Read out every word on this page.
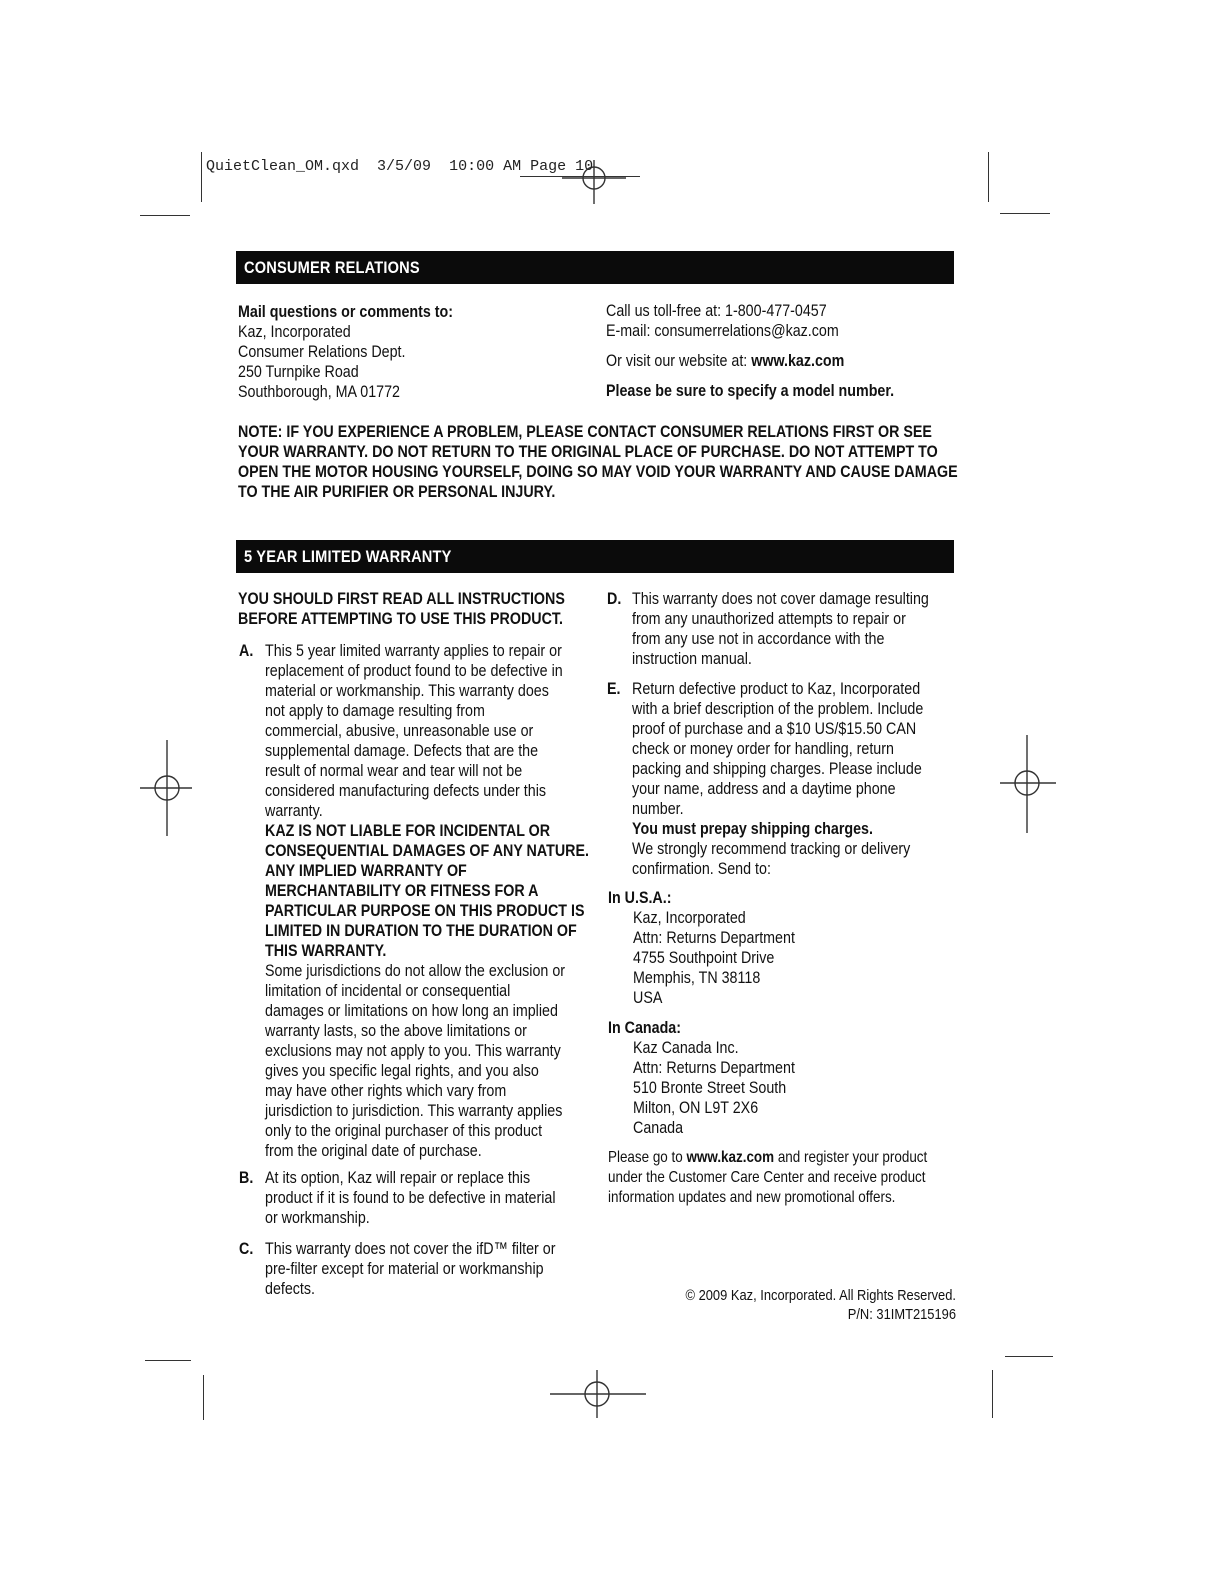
QuietClean_OM.qxd 3/5/09 10:00 AM Page 10
CONSUMER RELATIONS
Mail questions or comments to:
Kaz, Incorporated
Consumer Relations Dept.
250 Turnpike Road
Southborough, MA 01772
Call us toll-free at: 1-800-477-0457
E-mail: consumerrelations@kaz.com
Or visit our website at: www.kaz.com
Please be sure to specify a model number.
NOTE: IF YOU EXPERIENCE A PROBLEM, PLEASE CONTACT CONSUMER RELATIONS FIRST OR SEE
YOUR WARRANTY. DO NOT RETURN TO THE ORIGINAL PLACE OF PURCHASE. DO NOT ATTEMPT TO
OPEN THE MOTOR HOUSING YOURSELF, DOING SO MAY VOID YOUR WARRANTY AND CAUSE DAMAGE
TO THE AIR PURIFIER OR PERSONAL INJURY.
5 YEAR LIMITED WARRANTY
YOU SHOULD FIRST READ ALL INSTRUCTIONS
BEFORE ATTEMPTING TO USE THIS PRODUCT.
A. This 5 year limited warranty applies to repair or
replacement of product found to be defective in
material or workmanship. This warranty does
not apply to damage resulting from
commercial, abusive, unreasonable use or
supplemental damage. Defects that are the
result of normal wear and tear will not be
considered manufacturing defects under this
warranty.
KAZ IS NOT LIABLE FOR INCIDENTAL OR
CONSEQUENTIAL DAMAGES OF ANY NATURE.
ANY IMPLIED WARRANTY OF
MERCHANTABILITY OR FITNESS FOR A
PARTICULAR PURPOSE ON THIS PRODUCT IS
LIMITED IN DURATION TO THE DURATION OF
THIS WARRANTY.
Some jurisdictions do not allow the exclusion or
limitation of incidental or consequential
damages or limitations on how long an implied
warranty lasts, so the above limitations or
exclusions may not apply to you. This warranty
gives you specific legal rights, and you also
may have other rights which vary from
jurisdiction to jurisdiction. This warranty applies
only to the original purchaser of this product
from the original date of purchase.
B. At its option, Kaz will repair or replace this
product if it is found to be defective in material
or workmanship.
C. This warranty does not cover the ifD™ filter or
pre-filter except for material or workmanship
defects.
D. This warranty does not cover damage resulting
from any unauthorized attempts to repair or
from any use not in accordance with the
instruction manual.
E. Return defective product to Kaz, Incorporated
with a brief description of the problem. Include
proof of purchase and a $10 US/$15.50 CAN
check or money order for handling, return
packing and shipping charges. Please include
your name, address and a daytime phone
number.
You must prepay shipping charges.
We strongly recommend tracking or delivery
confirmation. Send to:
In U.S.A.:
Kaz, Incorporated
Attn: Returns Department
4755 Southpoint Drive
Memphis, TN 38118
USA
In Canada:
Kaz Canada Inc.
Attn: Returns Department
510 Bronte Street South
Milton, ON L9T 2X6
Canada
Please go to www.kaz.com and register your product
under the Customer Care Center and receive product
information updates and new promotional offers.
© 2009 Kaz, Incorporated. All Rights Reserved.
P/N: 31IMT215196
